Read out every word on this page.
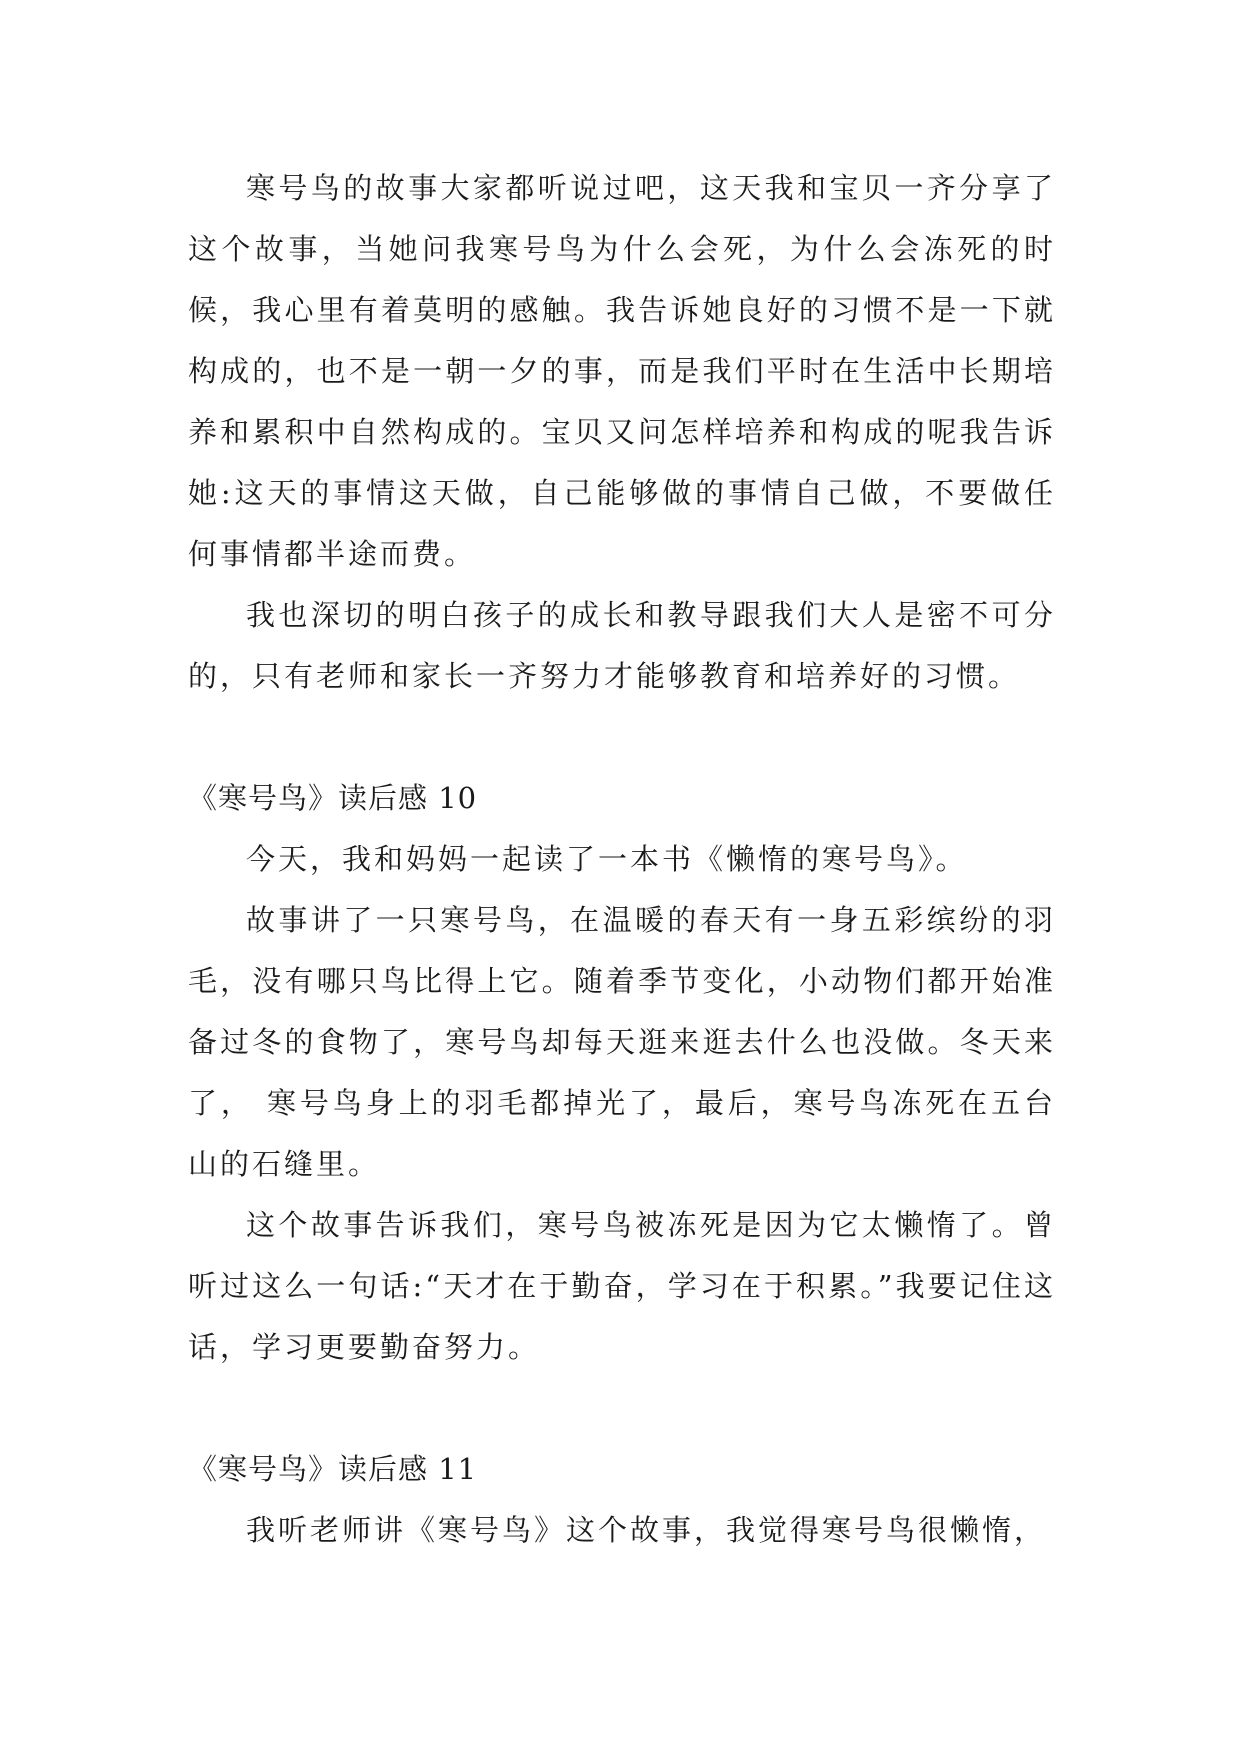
寒号鸟的故事大家都听说过吧，这天我和宝贝一齐分享了这个故事，当她问我寒号鸟为什么会死，为什么会冻死的时候，我心里有着莫明的感触。我告诉她良好的习惯不是一下就构成的，也不是一朝一夕的事，而是我们平时在生活中长期培养和累积中自然构成的。宝贝又问怎样培养和构成的呢我告诉她:这天的事情这天做，自己能够做的事情自己做，不要做任何事情都半途而费。

我也深切的明白孩子的成长和教导跟我们大人是密不可分的，只有老师和家长一齐努力才能够教育和培养好的习惯。

《寒号鸟》读后感 10

今天，我和妈妈一起读了一本书《懒惰的寒号鸟》。

故事讲了一只寒号鸟，在温暖的春天有一身五彩缤纷的羽毛，没有哪只鸟比得上它。随着季节变化，小动物们都开始准备过冬的食物了，寒号鸟却每天逛来逛去什么也没做。冬天来了， 寒号鸟身上的羽毛都掉光了，最后，寒号鸟冻死在五台山的石缝里。

这个故事告诉我们，寒号鸟被冻死是因为它太懒惰了。曾听过这么一句话:“天才在于勤奋，学习在于积累。”我要记住这话，学习更要勤奋努力。

《寒号鸟》读后感 11

我听老师讲《寒号鸟》这个故事，我觉得寒号鸟很懒惰，
